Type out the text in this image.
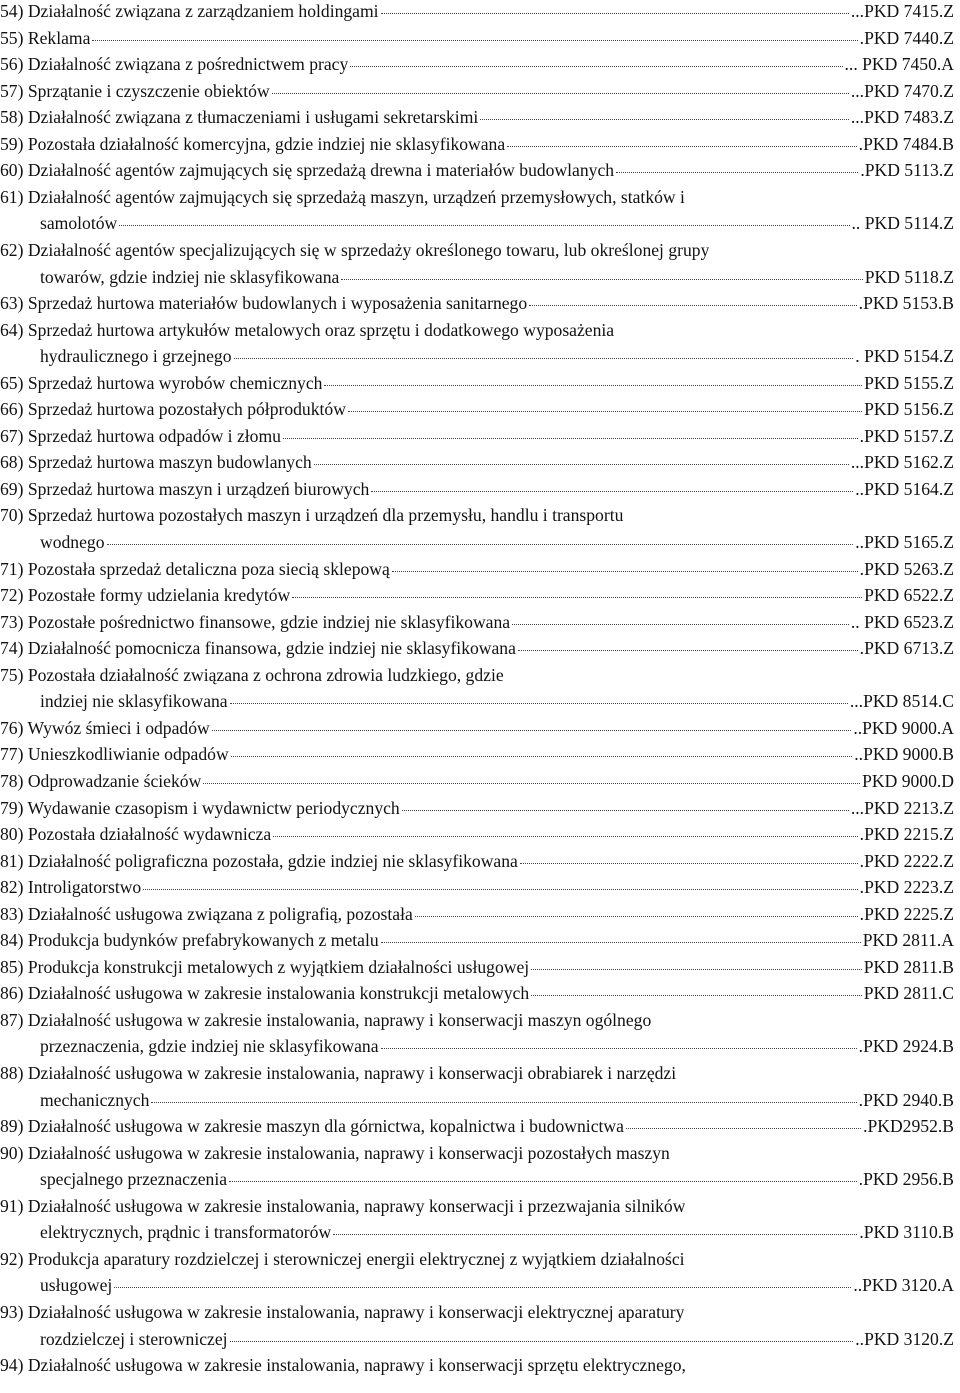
54) Działalność związana z zarządzaniem holdingami	...PKD 7415.Z
55) Reklama	.PKD 7440.Z
56) Działalność związana z pośrednictwem pracy	... PKD 7450.A
57) Sprzątanie i czyszczenie obiektów	...PKD 7470.Z
58) Działalność związana z tłumaczeniami i usługami sekretarskimi	...PKD 7483.Z
59) Pozostała działalność komercyjna, gdzie indziej nie sklasyfikowana	.PKD 7484.B
60) Działalność agentów zajmujących się sprzedażą drewna i materiałów budowlanych	.PKD 5113.Z
61) Działalność agentów zajmujących się sprzedażą maszyn, urządzeń przemysłowych, statków i
samolotów	.. PKD 5114.Z
62) Działalność agentów specjalizujących się w sprzedaży określonego towaru, lub określonej grupy
towarów, gdzie indziej nie sklasyfikowana	PKD 5118.Z
63) Sprzedaż hurtowa materiałów budowlanych i wyposażenia sanitarnego	.PKD 5153.B
64) Sprzedaż hurtowa artykułów metalowych oraz sprzętu i dodatkowego wyposażenia
hydraulicznego i grzejnego	. PKD 5154.Z
65) Sprzedaż hurtowa wyrobów chemicznych	PKD 5155.Z
66) Sprzedaż hurtowa pozostałych półproduktów	PKD 5156.Z
67) Sprzedaż hurtowa odpadów i złomu	.PKD 5157.Z
68) Sprzedaż hurtowa maszyn budowlanych	...PKD 5162.Z
69) Sprzedaż hurtowa maszyn i urządzeń biurowych	..PKD 5164.Z
70) Sprzedaż hurtowa pozostałych maszyn i urządzeń dla przemysłu, handlu i transportu
wodnego	..PKD 5165.Z
71) Pozostała sprzedaż detaliczna poza siecią sklepową	.PKD 5263.Z
72) Pozostałe formy udzielania kredytów	PKD 6522.Z
73) Pozostałe pośrednictwo finansowe, gdzie indziej nie sklasyfikowana	.. PKD 6523.Z
74) Działalność pomocnicza finansowa, gdzie indziej nie sklasyfikowana	.PKD 6713.Z
75) Pozostała działalność związana z ochrona zdrowia ludzkiego, gdzie
indziej nie sklasyfikowana	...PKD 8514.C
76) Wywóz śmieci i odpadów	..PKD 9000.A
77) Unieszkodliwianie odpadów	..PKD 9000.B
78) Odprowadzanie ścieków	PKD 9000.D
79) Wydawanie czasopism i wydawnictw periodycznych	...PKD 2213.Z
80) Pozostała działalność wydawnicza	.PKD 2215.Z
81) Działalność poligraficzna pozostała, gdzie indziej nie sklasyfikowana	.PKD 2222.Z
82) Introligatorstwo	.PKD 2223.Z
83) Działalność usługowa związana z poligrafią, pozostała	.PKD 2225.Z
84) Produkcja budynków prefabrykowanych z metalu	PKD 2811.A
85) Produkcja konstrukcji metalowych z wyjątkiem działalności usługowej	PKD 2811.B
86) Działalność usługowa w zakresie instalowania konstrukcji metalowych	PKD 2811.C
87) Działalność usługowa w zakresie instalowania, naprawy i konserwacji maszyn ogólnego
przeznaczenia, gdzie indziej nie sklasyfikowana	.PKD 2924.B
88) Działalność usługowa w zakresie instalowania, naprawy i konserwacji obrabiarek i narzędzi
mechanicznych	.PKD 2940.B
89) Działalność usługowa w zakresie maszyn dla górnictwa, kopalnictwa i budownictwa	.PKD2952.B
90) Działalność usługowa w zakresie instalowania, naprawy i konserwacji pozostałych maszyn
specjalnego przeznaczenia	.PKD 2956.B
91) Działalność usługowa w zakresie instalowania, naprawy konserwacji i przezwajania silników
elektrycznych, prądnic i transformatorów	.PKD 3110.B
92) Produkcja aparatury rozdzielczej i sterowniczej energii elektrycznej z wyjątkiem działalności
usługowej	..PKD 3120.A
93) Działalność usługowa w zakresie instalowania, naprawy i konserwacji elektrycznej aparatury
rozdzielczej i sterowniczej	..PKD 3120.Z
94) Działalność usługowa w zakresie instalowania, naprawy i konserwacji sprzętu elektrycznego,
